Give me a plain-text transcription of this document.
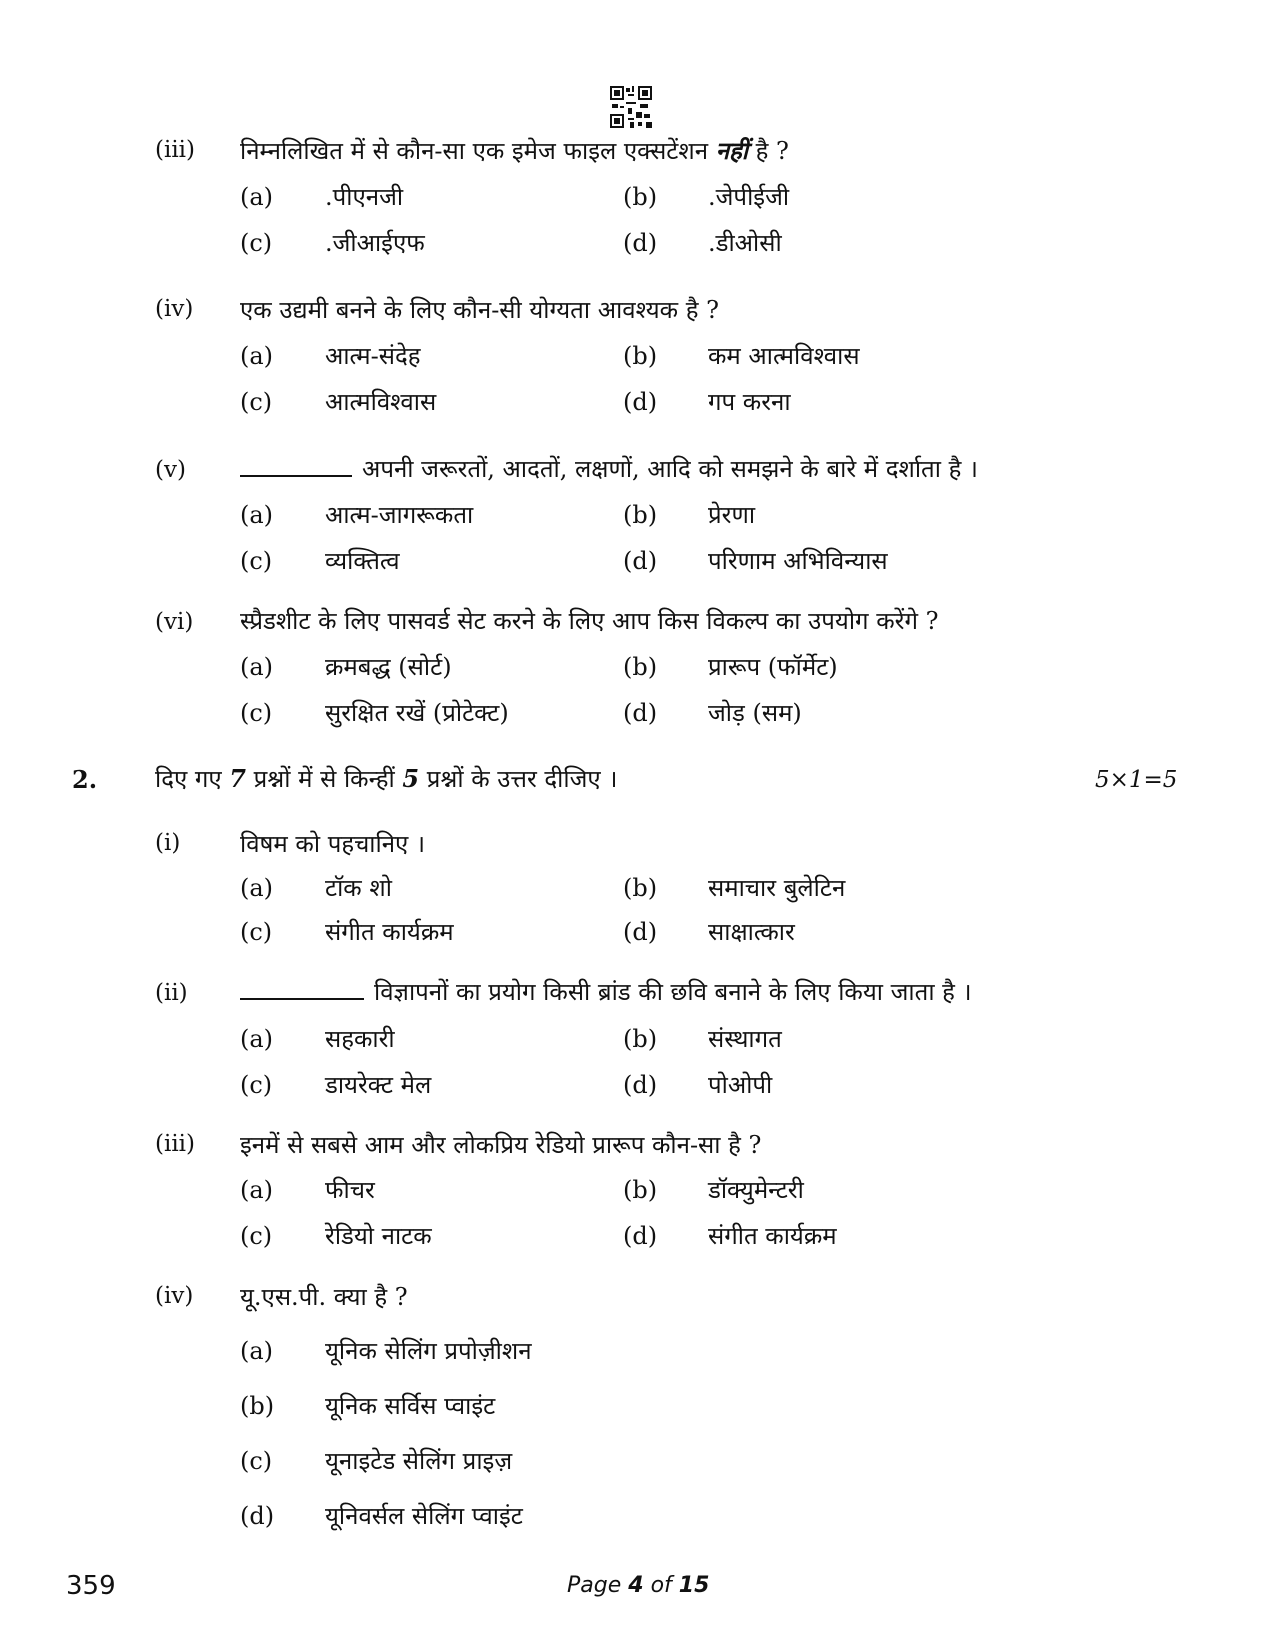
(iii) निम्नलिखित में से कौन-सा एक इमेज फाइल एक्सटेंशन नहीं है ?
(a) .पीएनजी	(b) .जेपीईजी
(c) .जीआईएफ	(d) .डीओसी
(iv) एक उद्यमी बनने के लिए कौन-सी योग्यता आवश्यक है ?
(a) आत्म-संदेह	(b) कम आत्मविश्वास
(c) आत्मविश्वास	(d) गप करना
(v)	अपनी जरूरतों, आदतों, लक्षणों, आदि को समझने के बारे में दर्शाता है ।
(a) आत्म-जागरूकता	(b) प्रेरणा
(c) व्यक्तित्व	(d) परिणाम अभिविन्यास
(vi) स्प्रैडशीट के लिए पासवर्ड सेट करने के लिए आप किस विकल्प का उपयोग करेंगे ?
(a) क्रमबद्ध (सोर्ट)	(b) प्रारूप (फॉर्मेट)
(c) सुरक्षित रखें (प्रोटेक्ट)	(d) जोड़ (सम)
2. दिए गए 7 प्रश्नों में से किन्हीं 5 प्रश्नों के उत्तर दीजिए ।	5×1=5
(i) विषम को पहचानिए ।
(a) टॉक शो	(b) समाचार बुलेटिन
(c) संगीत कार्यक्रम	(d) साक्षात्कार
(ii)	विज्ञापनों का प्रयोग किसी ब्रांड की छवि बनाने के लिए किया जाता है ।
(a) सहकारी	(b) संस्थागत
(c) डायरेक्ट मेल	(d) पोओपी
(iii) इनमें से सबसे आम और लोकप्रिय रेडियो प्रारूप कौन-सा है ?
(a) फीचर	(b) डॉक्युमेन्टरी
(c) रेडियो नाटक	(d) संगीत कार्यक्रम
(iv) यू.एस.पी. क्या है ?
(a) यूनिक सेलिंग प्रपोज़ीशन
(b) यूनिक सर्विस प्वाइंट
(c) यूनाइटेड सेलिंग प्राइज़
(d) यूनिवर्सल सेलिंग प्वाइंट
359	Page 4 of 15
